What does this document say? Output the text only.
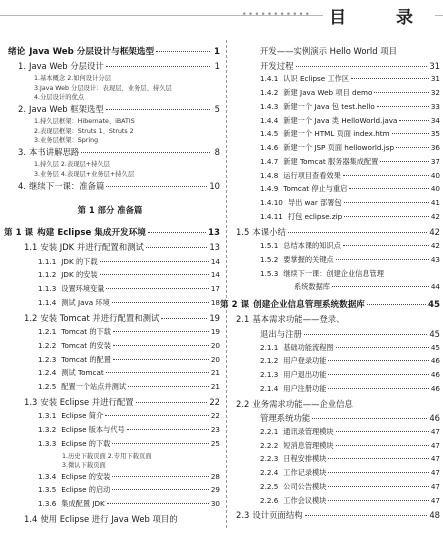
•••••••••••	目 录
绪论 Java Web 分层设计与框架选型	1
1. Java Web 分层设计	1
1.基本概念 2.如何设计分层
3.Java Web 分层设计：表现层、业务层、持久层
4.分层设计的优点
2. Java Web 框架选型	5
1.持久层框架：Hibernate、iBATIS
2.表现层框架：Struts 1、Struts 2
3.业务层框架：Spring
3. 本书讲解思路	8
1.持久层 2.表现层+持久层
3.业务层 4.表现层+业务层+持久层
4. 继续下一课：准备篇	10
第 1 部分 准备篇
第 1 课 构建 Eclipse 集成开发环境	13
1.1 安装 JDK 并进行配置和测试	13
1.1.1 JDK 的下载	14
1.1.2 JDK 的安装	14
1.1.3 设置环境变量	17
1.1.4 测试 Java 环境	18
1.2 安装 Tomcat 并进行配置和测试	19
1.2.1 Tomcat 的下载	19
1.2.2 Tomcat 的安装	20
1.2.3 Tomcat 的配置	20
1.2.4 测试 Tomcat	21
1.2.5 配置一个站点并测试	21
1.3 安装 Eclipse 并进行配置	22
1.3.1 Eclipse 简介	22
1.3.2 Eclipse 版本与代号	23
1.3.3 Eclipse 的下载	25
1.历史下载页面 2.专用下载页面
3.微认下载页面
1.3.4 Eclipse 的安装	28
1.3.5 Eclipse 的启动	29
1.3.6 集成配置 JDK	30
1.4 使用 Eclipse 进行 Java Web 项目的
开发——实例演示 Hello World 项目
开发过程	31
1.4.1 认识 Eclipse 工作区	31
1.4.2 新建 Java Web 项目 demo	32
1.4.3 新建一个 Java 包 test.hello	33
1.4.4 新建一个 Java 类 HelloWorld.java	34
1.4.5 新建一个 HTML 页面 index.htm	35
1.4.6 新建一个 JSP 页面 helloworld.jsp	36
1.4.7 新建 Tomcat 服务器集成配置	37
1.4.8 运行项目查看效果	40
1.4.9 Tomcat 停止与重启	40
1.4.10 导出 war 部署包	41
1.4.11 打包 eclipse.zip	42
1.5 本课小结	42
1.5.1 总结本课的知识点	42
1.5.2 要掌握的关键点	43
1.5.3 继续下一课：创建企业信息管理
系统数据库	44
第 2 课 创建企业信息管理系统数据库	45
2.1 基本需求功能——登录、
退出与注册	45
2.1.1 基础功能流程图	45
2.1.2 用户登录功能	46
2.1.3 用户退出功能	46
2.1.4 用户注册功能	46
2.2 业务需求功能——企业信息
管理系统功能	46
2.2.1 通讯录管理模块	47
2.2.2 短消息管理模块	47
2.2.3 日程安排模块	47
2.2.4 工作记录模块	47
2.2.5 公司公告模块	47
2.2.6 工作会议模块	47
2.3 设计页面结构	48
